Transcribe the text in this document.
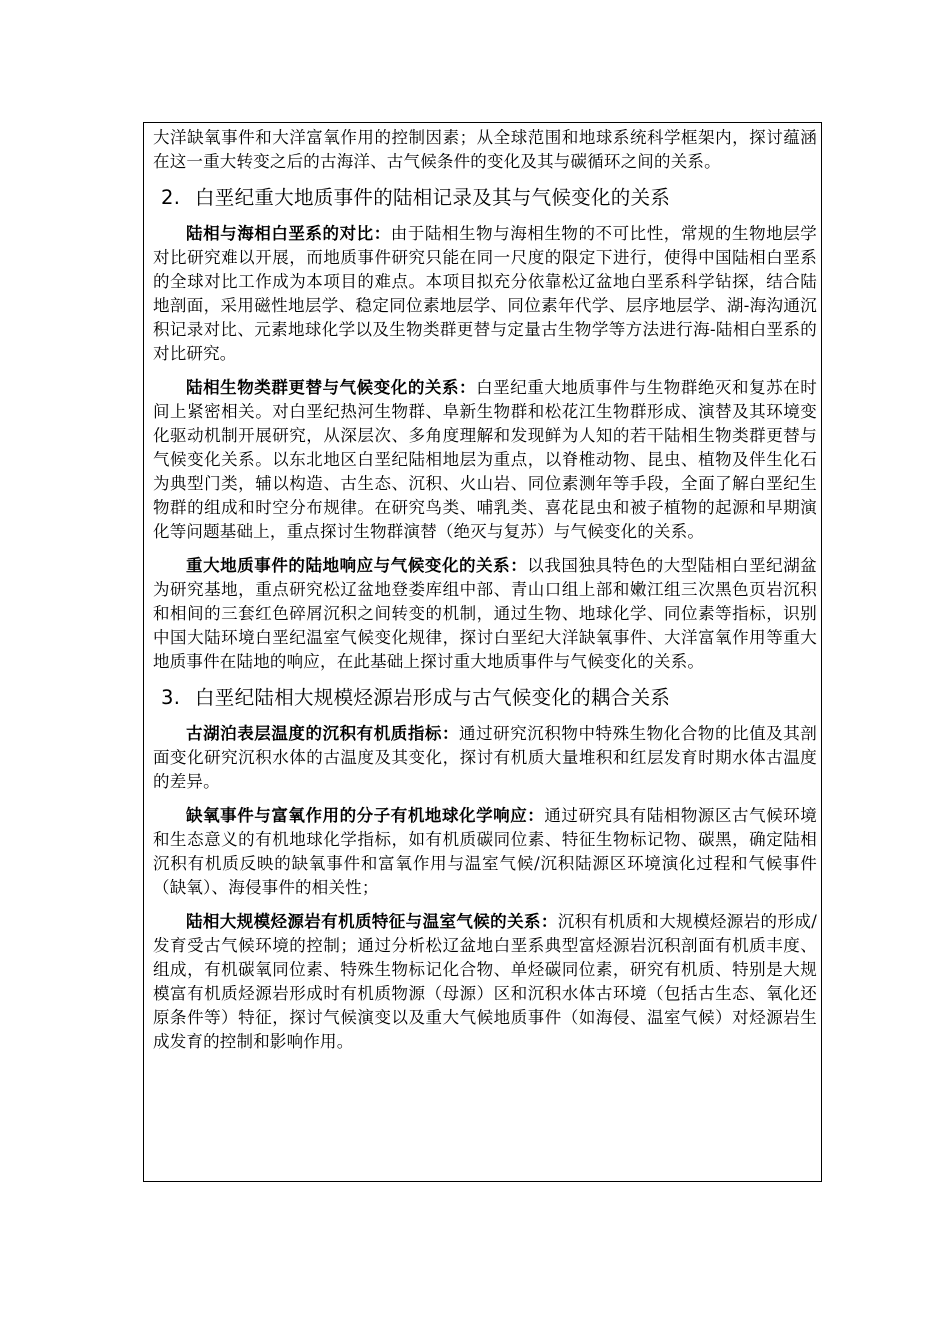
大洋缺氧事件和大洋富氧作用的控制因素；从全球范围和地球系统科学框架内，探讨蕴涵在这一重大转变之后的古海洋、古气候条件的变化及其与碳循环之间的关系。

2. 白垩纪重大地质事件的陆相记录及其与气候变化的关系

陆相与海相白垩系的对比：由于陆相生物与海相生物的不可比性，常规的生物地层学对比研究难以开展，而地质事件研究只能在同一尺度的限定下进行，使得中国陆相白垩系的全球对比工作成为本项目的难点。本项目拟充分依靠松辽盆地白垩系科学钻探，结合陆地剖面，采用磁性地层学、稳定同位素地层学、同位素年代学、层序地层学、湖-海沟通沉积记录对比、元素地球化学以及生物类群更替与定量古生物学等方法进行海-陆相白垩系的对比研究。

陆相生物类群更替与气候变化的关系：白垩纪重大地质事件与生物群绝灭和复苏在时间上紧密相关。对白垩纪热河生物群、阜新生物群和松花江生物群形成、演替及其环境变化驱动机制开展研究，从深层次、多角度理解和发现鲜为人知的若干陆相生物类群更替与气候变化关系。以东北地区白垩纪陆相地层为重点，以脊椎动物、昆虫、植物及伴生化石为典型门类，辅以构造、古生态、沉积、火山岩、同位素测年等手段，全面了解白垩纪生物群的组成和时空分布规律。在研究鸟类、哺乳类、喜花昆虫和被子植物的起源和早期演化等问题基础上，重点探讨生物群演替（绝灭与复苏）与气候变化的关系。

重大地质事件的陆地响应与气候变化的关系：以我国独具特色的大型陆相白垩纪湖盆为研究基地，重点研究松辽盆地登娄库组中部、青山口组上部和嫩江组三次黑色页岩沉积和相间的三套红色碎屑沉积之间转变的机制，通过生物、地球化学、同位素等指标，识别中国大陆环境白垩纪温室气候变化规律，探讨白垩纪大洋缺氧事件、大洋富氧作用等重大地质事件在陆地的响应，在此基础上探讨重大地质事件与气候变化的关系。

3. 白垩纪陆相大规模烃源岩形成与古气候变化的耦合关系

古湖泊表层温度的沉积有机质指标：通过研究沉积物中特殊生物化合物的比值及其剖面变化研究沉积水体的古温度及其变化，探讨有机质大量堆积和红层发育时期水体古温度的差异。

缺氧事件与富氧作用的分子有机地球化学响应：通过研究具有陆相物源区古气候环境和生态意义的有机地球化学指标，如有机质碳同位素、特征生物标记物、碳黑，确定陆相沉积有机质反映的缺氧事件和富氧作用与温室气候/沉积陆源区环境演化过程和气候事件（缺氧）、海侵事件的相关性；

陆相大规模烃源岩有机质特征与温室气候的关系：沉积有机质和大规模烃源岩的形成/发育受古气候环境的控制；通过分析松辽盆地白垩系典型富烃源岩沉积剖面有机质丰度、组成，有机碳氧同位素、特殊生物标记化合物、单烃碳同位素，研究有机质、特别是大规模富有机质烃源岩形成时有机质物源（母源）区和沉积水体古环境（包括古生态、氧化还原条件等）特征，探讨气候演变以及重大气候地质事件（如海侵、温室气候）对烃源岩生成发育的控制和影响作用。
